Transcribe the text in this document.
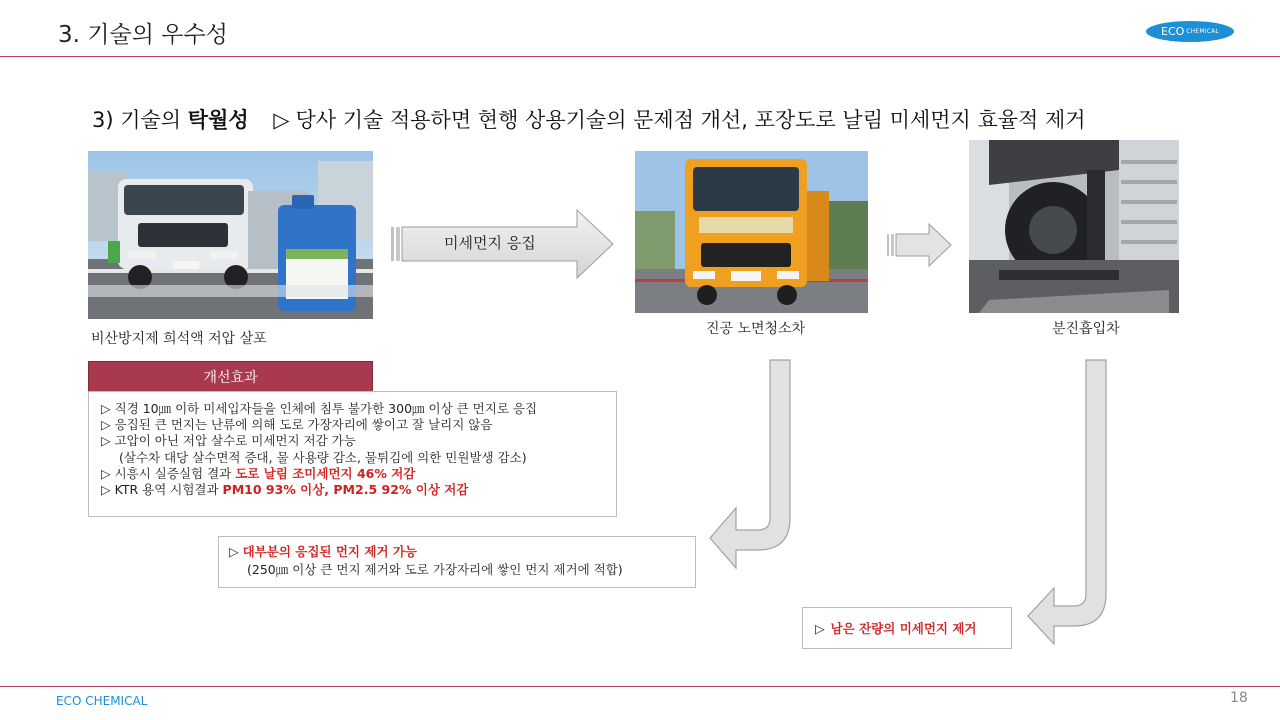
3. 기술의 우수성	ECO CHEMICAL
3) 기술의 탁월성 ▷ 당사 기술 적용하면 현행 상용기술의 문제점 개선, 포장도로 날림 미세먼지 효율적 제거
비산방지제 희석액 저압 살포
미세먼지 응집
진공 노면청소차	분진흡입차
개선효과
▷ 직경 10㎛ 이하 미세입자들을 인체에 침투 불가한 300㎛ 이상 큰 먼지로 응집
▷ 응집된 큰 먼지는 난류에 의해 도로 가장자리에 쌓이고 잘 날리지 않음
▷ 고압이 아닌 저압 살수로 미세먼지 저감 가능
(살수차 대당 살수면적 증대, 물 사용량 감소, 물튀김에 의한 민원발생 감소)
▷ 시흥시 실증실험 결과 도로 날림 조미세먼지 46% 저감
▷ KTR 용역 시험결과 PM10 93% 이상, PM2.5 92% 이상 저감
▷ 대부분의 응집된 먼지 제거 가능
(250㎛ 이상 큰 먼지 제거와 도로 가장자리에 쌓인 먼지 제거에 적합)
▷ 남은 잔량의 미세먼지 제거
ECO CHEMICAL	18
